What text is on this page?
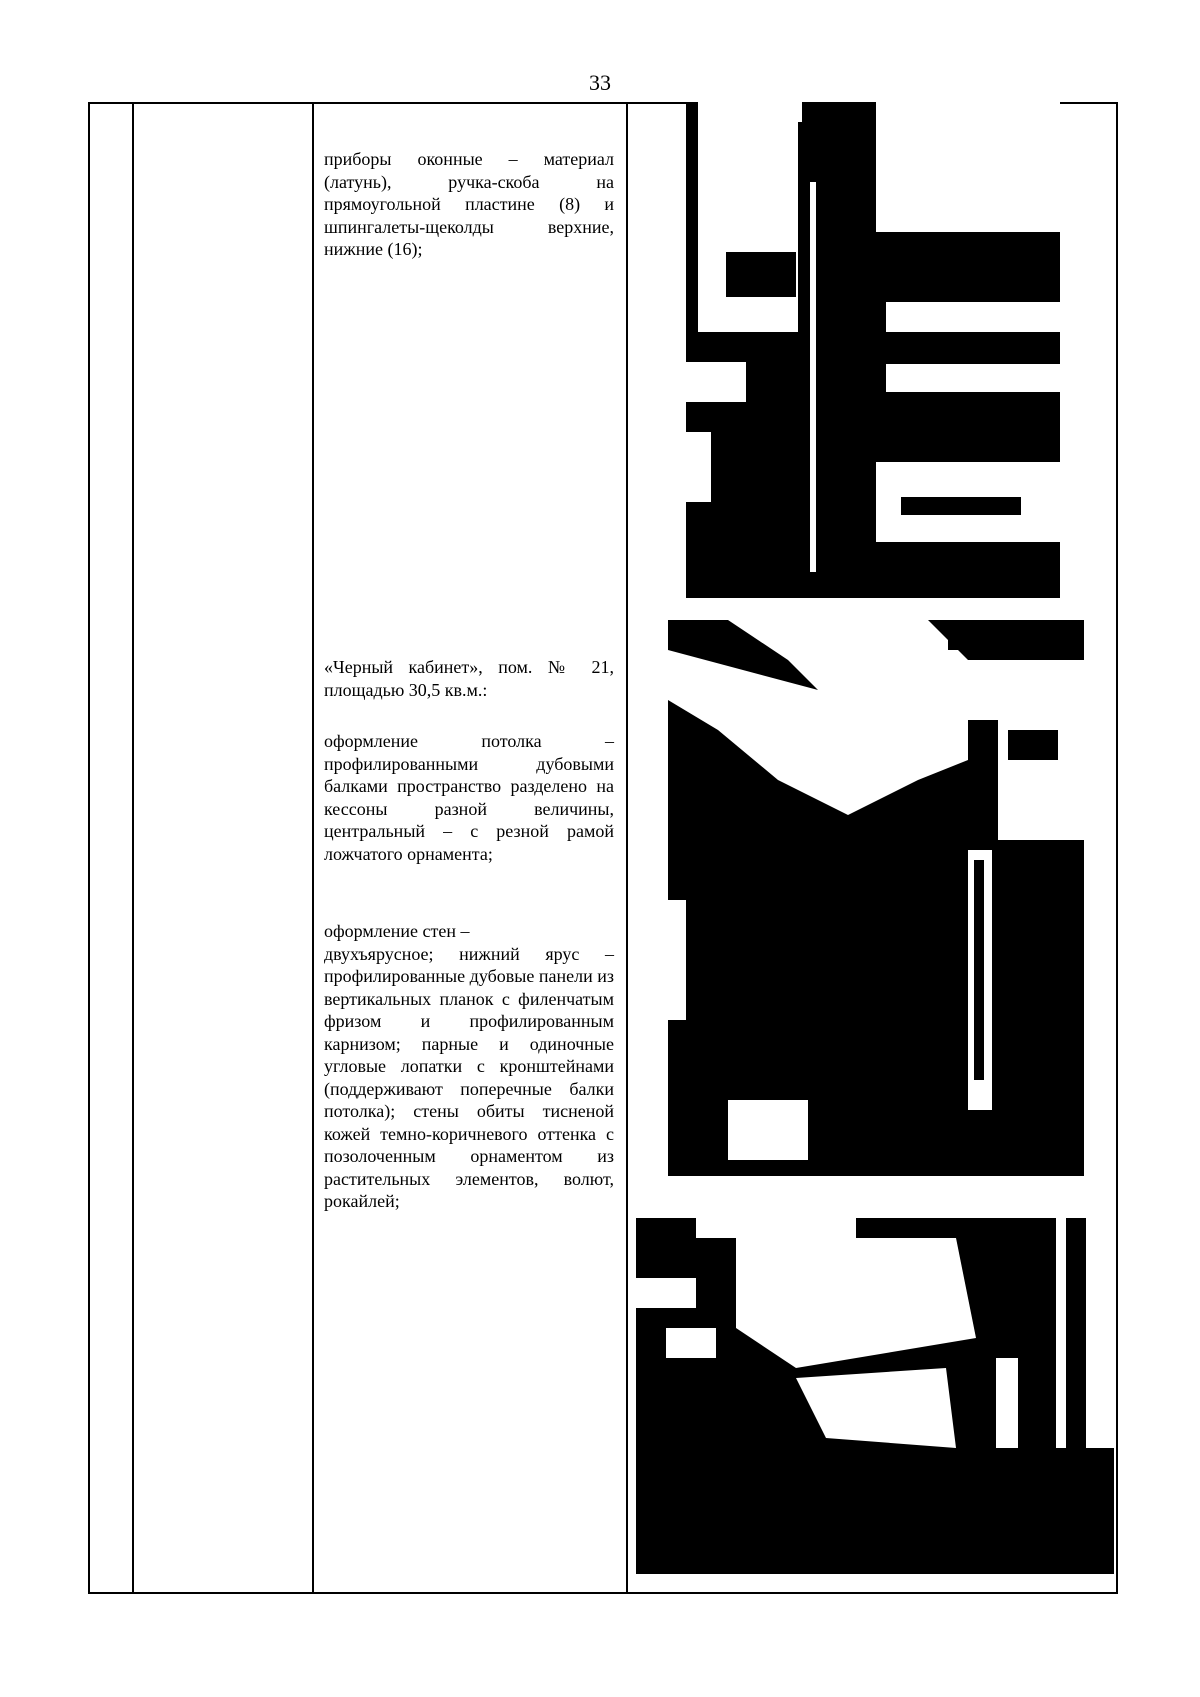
33

приборы оконные – материал (латунь), ручка-скоба на прямоугольной пластине (8) и шпингалеты-щеколды верхние, нижние (16);

«Черный кабинет», пом. № 21, площадью 30,5 кв.м.:

оформление потолка – профилированными дубовыми балками пространство разделено на кессоны разной величины, центральный – с резной рамой ложчатого орнамента;

оформление стен –

двухъярусное; нижний ярус – профилированные дубовые панели из вертикальных планок с филенчатым фризом и профилированным карнизом; парные и одиночные угловые лопатки с кронштейнами (поддерживают поперечные балки потолка); стены обиты тисненой кожей темно-коричневого оттенка с позолоченным орнаментом из растительных элементов, волют, рокайлей;
